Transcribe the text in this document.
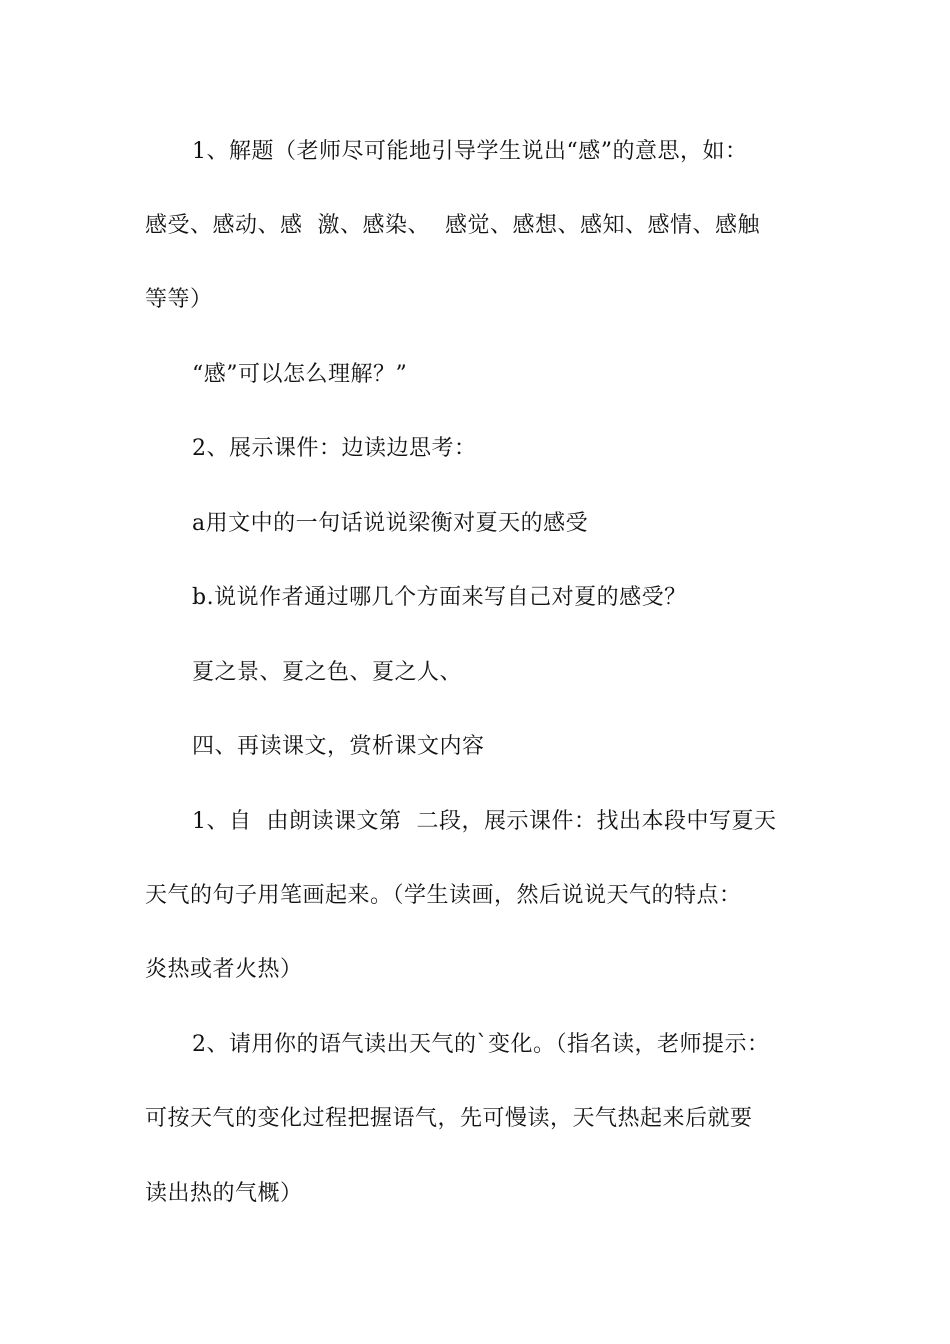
1、解题（老师尽可能地引导学生说出“感”的意思，如：
感受、感动、感  激、感染、  感觉、感想、感知、感情、感触
等等）
“感”可以怎么理解？”
2、展示课件：边读边思考：
a用文中的一句话说说梁衡对夏天的感受
b.说说作者通过哪几个方面来写自己对夏的感受？
夏之景、夏之色、夏之人、
四、再读课文，赏析课文内容
1、自  由朗读课文第  二段，展示课件：找出本段中写夏天
天气的句子用笔画起来。（学生读画，然后说说天气的特点：
炎热或者火热）
2、请用你的语气读出天气的`变化。（指名读，老师提示：
可按天气的变化过程把握语气，先可慢读，天气热起来后就要
读出热的气概）
